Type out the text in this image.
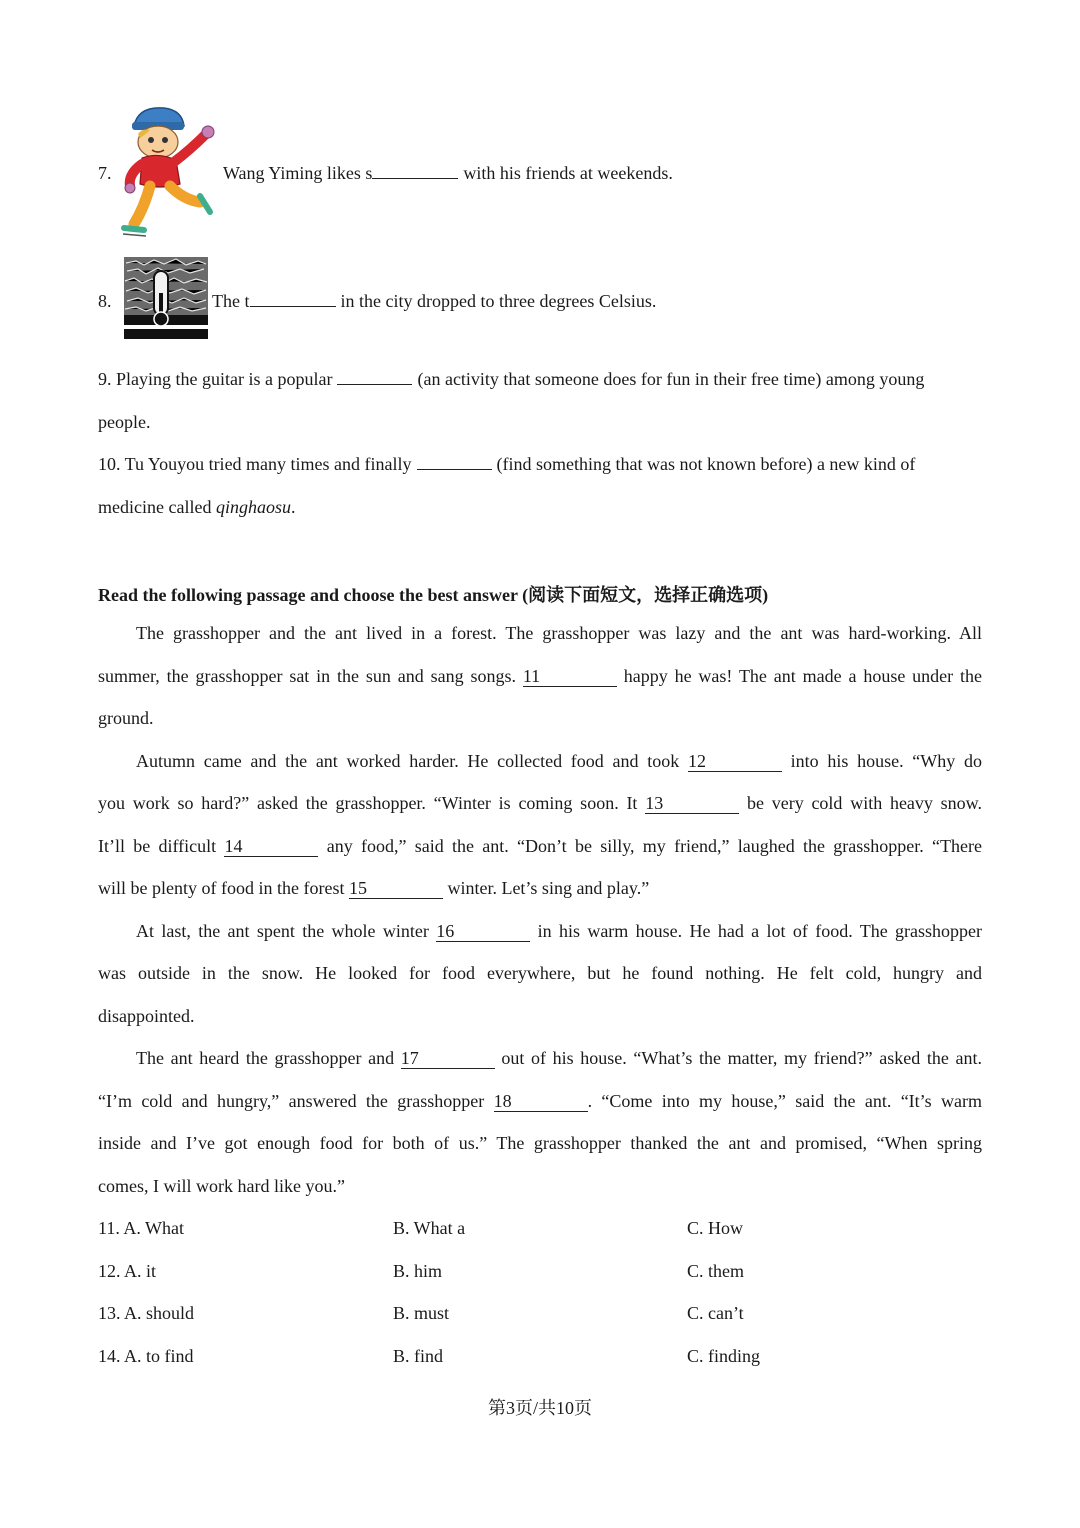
7.	Wang Yiming likes s	with his friends at weekends.
8.	The t	in the city dropped to three degrees Celsius.
9. Playing the guitar is a popular	(an activity that someone does for fun in their free time) among young
people.
10. Tu Youyou tried many times and finally	(find something that was not known before) a new kind of
medicine called qinghaosu.
Read the following passage and choose the best answer (阅读下面短文，选择正确选项)
The grasshopper and the ant lived in a forest. The grasshopper was lazy and the ant was hard-working. All
summer, the grasshopper sat in the sun and sang songs. 11	happy he was! The ant made a house under the
ground.
Autumn came and the ant worked harder. He collected food and took 12	into his house. “Why do
you work so hard?” asked the grasshopper. “Winter is coming soon. It 13	be very cold with heavy snow.
It’ll be difficult 14	any food,” said the ant. “Don’t be silly, my friend,” laughed the grasshopper. “There
will be plenty of food in the forest 15	winter. Let’s sing and play.”
At last, the ant spent the whole winter 16	in his warm house. He had a lot of food. The grasshopper
was outside in the snow. He looked for food everywhere, but he found nothing. He felt cold, hungry and
disappointed.
The ant heard the grasshopper and 17	out of his house. “What’s the matter, my friend?” asked the ant.
“I’m cold and hungry,” answered the grasshopper 18	. “Come into my house,” said the ant. “It’s warm
inside and I’ve got enough food for both of us.” The grasshopper thanked the ant and promised, “When spring
comes, I will work hard like you.”
11. A. What	B. What a	C. How
12. A. it	B. him	C. them
13. A. should	B. must	C. can’t
14. A. to find	B. find	C. finding
第3页/共10页
